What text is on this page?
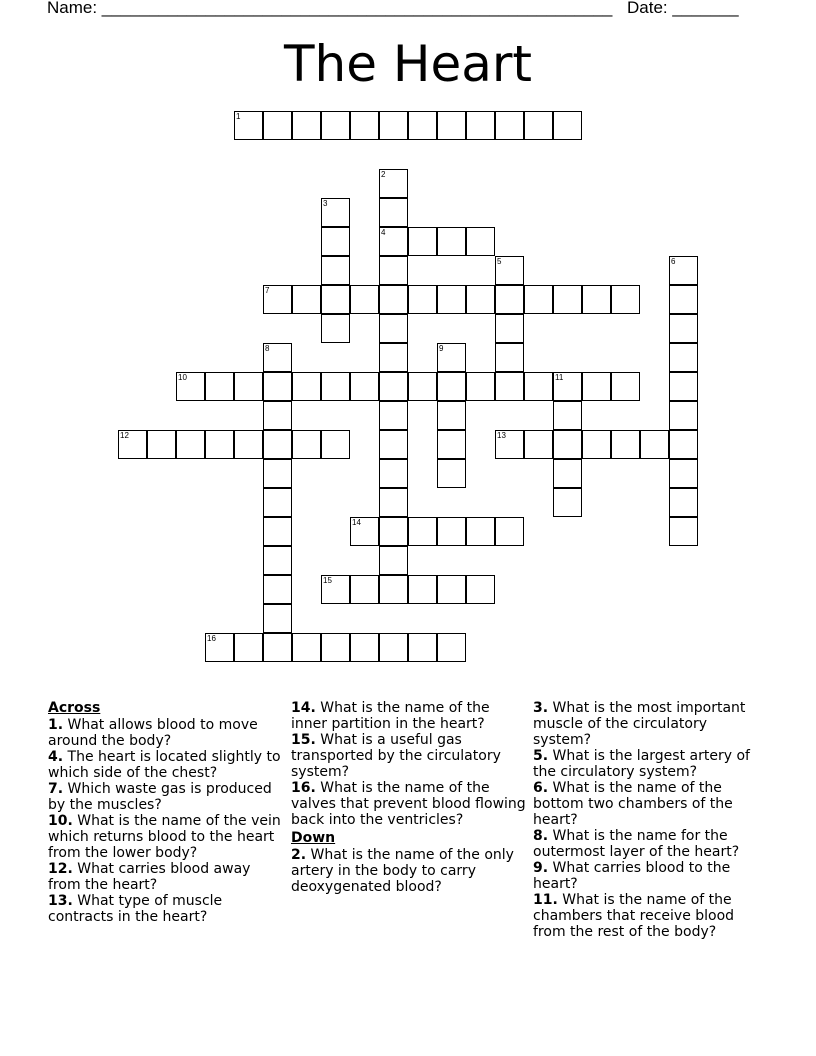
Name: ______________________________________________________ Date: _______
The Heart
1
2
3
4
5	6
7
8	9
10	11
12	13
14
15
16
Across
1. What allows blood to move around the body?
4. The heart is located slightly to which side of the chest?
7. Which waste gas is produced by the muscles?
10. What is the name of the vein which returns blood to the heart from the lower body?
12. What carries blood away from the heart?
13. What type of muscle contracts in the heart?
14. What is the name of the inner partition in the heart?
15. What is a useful gas transported by the circulatory system?
16. What is the name of the valves that prevent blood flowing back into the ventricles?
Down
2. What is the name of the only artery in the body to carry deoxygenated blood?
3. What is the most important muscle of the circulatory system?
5. What is the largest artery of the circulatory system?
6. What is the name of the bottom two chambers of the heart?
8. What is the name for the outermost layer of the heart?
9. What carries blood to the heart?
11. What is the name of the chambers that receive blood from the rest of the body?
